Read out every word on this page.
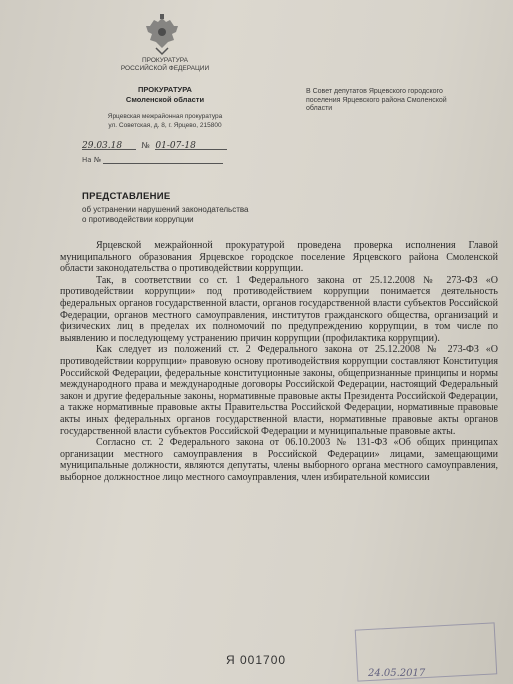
ПРОКУРАТУРА
РОССИЙСКОЙ ФЕДЕРАЦИИ
ПРОКУРАТУРА
Смоленской области
Ярцевская межрайонная прокуратура
ул. Советская, д. 8, г. Ярцево, 215800
В Совет депутатов Ярцевского городского поселения Ярцевского района Смоленской области
29.03.18 № 01-07-18
На №
ПРЕДСТАВЛЕНИЕ
об устранении нарушений законодательства
о противодействии коррупции

Ярцевской межрайонной прокуратурой проведена проверка исполнения Главой муниципального образования Ярцевское городское поселение Ярцевского района Смоленской области законодательства о противодействии коррупции.

Так, в соответствии со ст. 1 Федерального закона от 25.12.2008 № 273-ФЗ «О противодействии коррупции» под противодействием коррупции понимается деятельность федеральных органов государственной власти, органов государственной власти субъектов Российской Федерации, органов местного самоуправления, институтов гражданского общества, организаций и физических лиц в пределах их полномочий по предупреждению коррупции, в том числе по выявлению и последующему устранению причин коррупции (профилактика коррупции).

Как следует из положений ст. 2 Федерального закона от 25.12.2008 № 273-ФЗ «О противодействии коррупции» правовую основу противодействия коррупции составляют Конституция Российской Федерации, федеральные конституционные законы, общепризнанные принципы и нормы международного права и международные договоры Российской Федерации, настоящий Федеральный закон и другие федеральные законы, нормативные правовые акты Президента Российской Федерации, а также нормативные правовые акты Правительства Российской Федерации, нормативные правовые акты иных федеральных органов государственной власти, нормативные правовые акты органов государственной власти субъектов Российской Федерации и муниципальные правовые акты.

Согласно ст. 2 Федерального закона от 06.10.2003 № 131-ФЗ «Об общих принципах организации местного самоуправления в Российской Федерации» лицами, замещающими муниципальные должности, являются депутаты, члены выборного органа местного самоуправления, выборное должностное лицо местного самоуправления, член избирательной комиссии

24.05.2017
Я 001700
